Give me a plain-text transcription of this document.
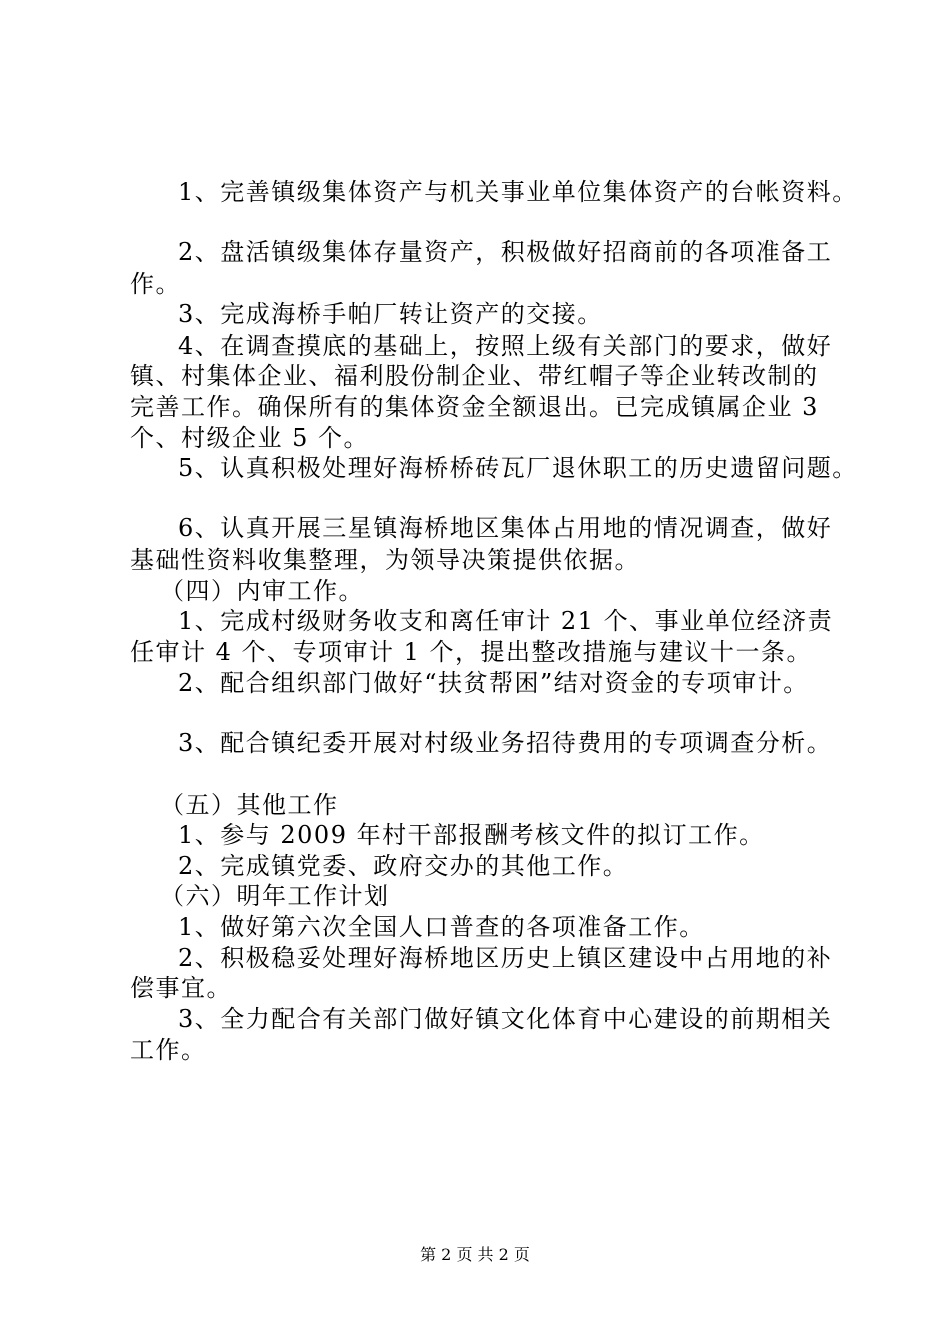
1、完善镇级集体资产与机关事业单位集体资产的台帐资料。
2、盘活镇级集体存量资产，积极做好招商前的各项准备工
作。
3、完成海桥手帕厂转让资产的交接。
4、在调查摸底的基础上，按照上级有关部门的要求，做好
镇、村集体企业、福利股份制企业、带红帽子等企业转改制的
完善工作。确保所有的集体资金全额退出。已完成镇属企业 3
个、村级企业 5 个。
5、认真积极处理好海桥桥砖瓦厂退休职工的历史遗留问题。
6、认真开展三星镇海桥地区集体占用地的情况调查，做好
基础性资料收集整理，为领导决策提供依据。
（四）内审工作。
1、完成村级财务收支和离任审计 21 个、事业单位经济责
任审计 4 个、专项审计 1 个，提出整改措施与建议十一条。
2、配合组织部门做好“扶贫帮困”结对资金的专项审计。
3、配合镇纪委开展对村级业务招待费用的专项调查分析。
（五）其他工作
1、参与 2009 年村干部报酬考核文件的拟订工作。
2、完成镇党委、政府交办的其他工作。
（六）明年工作计划
1、做好第六次全国人口普查的各项准备工作。
2、积极稳妥处理好海桥地区历史上镇区建设中占用地的补
偿事宜。
3、全力配合有关部门做好镇文化体育中心建设的前期相关
工作。
第 2 页 共 2 页
